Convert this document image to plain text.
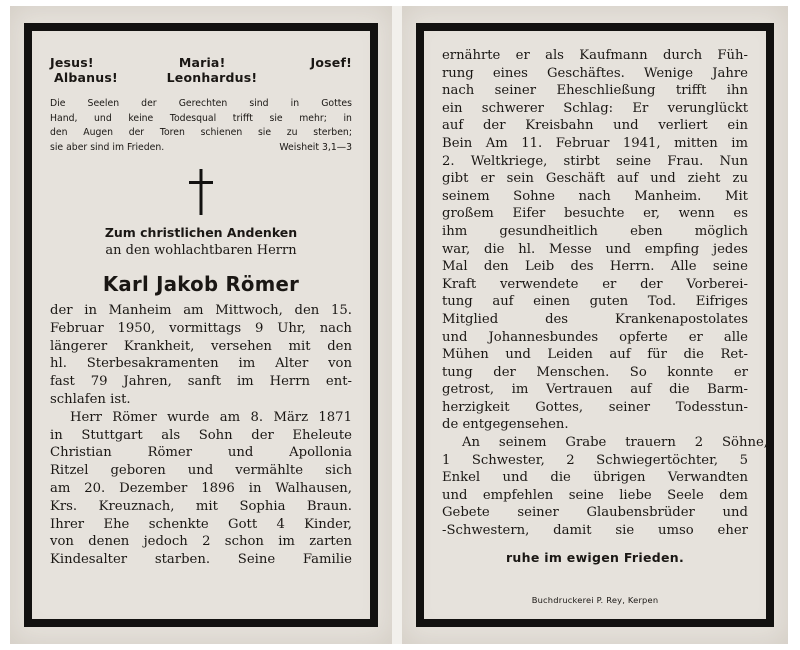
Jesus!	Maria!	Josef!
Albanus!	Leonhardus!
Die Seelen der Gerechten sind in Gottes
Hand, und keine Todesqual trifft sie mehr; in
den Augen der Toren schienen sie zu sterben;
sie aber sind im Frieden.	Weisheit 3,1—3
Zum christlichen Andenken
an den wohlachtbaren Herrn
Karl Jakob Römer
der in Manheim am Mittwoch, den 15.
Februar 1950, vormittags 9 Uhr, nach
längerer Krankheit, versehen mit den
hl. Sterbesakramenten im Alter von
fast 79 Jahren, sanft im Herrn ent-
schlafen ist.
Herr Römer wurde am 8. März 1871
in Stuttgart als Sohn der Eheleute
Christian	Römer	und	Apollonia
Ritzel geboren und vermählte sich
am 20. Dezember 1896 in Walhausen,
Krs. Kreuznach, mit Sophia Braun.
Ihrer Ehe schenkte Gott 4 Kinder,
von denen jedoch 2 schon im zarten
Kindesalter starben. Seine Familie
ernährte er als Kaufmann durch Füh-
rung eines Geschäftes. Wenige Jahre
nach seiner Eheschließung trifft ihn
ein schwerer Schlag: Er verunglückt
auf der Kreisbahn und verliert ein
Bein Am 11. Februar 1941, mitten im
2. Weltkriege, stirbt seine Frau. Nun
gibt er sein Geschäft auf und zieht zu
seinem Sohne nach Manheim. Mit
großem Eifer besuchte er, wenn es
ihm gesundheitlich eben möglich
war, die hl. Messe und empfing jedes
Mal den Leib des Herrn. Alle seine
Kraft verwendete er der Vorberei-
tung auf einen guten Tod. Eifriges
Mitglied	des	Krankenapostolates
und Johannesbundes opferte er alle
Mühen und Leiden auf für die Ret-
tung der Menschen. So konnte er
getrost, im Vertrauen auf die Barm-
herzigkeit Gottes, seiner Todesstun-
de entgegensehen.
An seinem Grabe trauern 2 Söhne,
1 Schwester, 2 Schwiegertöchter, 5
Enkel und die übrigen Verwandten
und empfehlen seine liebe Seele dem
Gebete seiner Glaubensbrüder und
-Schwestern, damit sie umso eher
ruhe im ewigen Frieden.
Buchdruckerei P. Rey, Kerpen
